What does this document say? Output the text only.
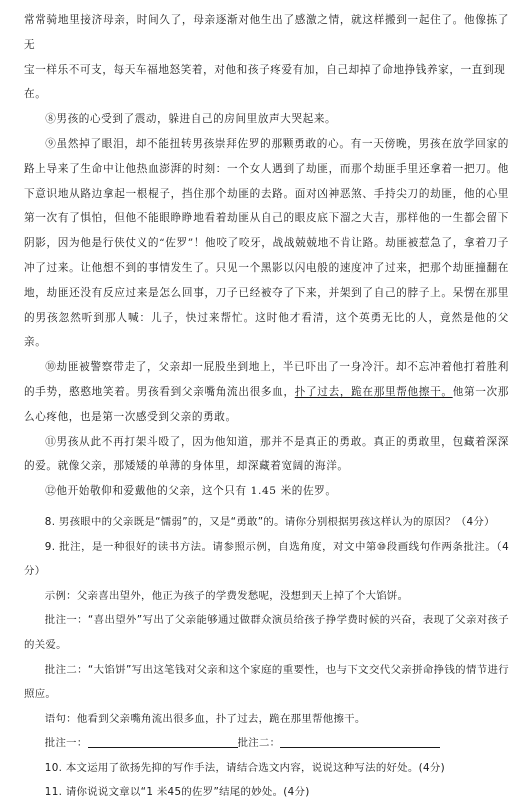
常常骑地里接济母亲，时间久了，母亲逐渐对他生出了感激之情，就这样搬到一起住了。他像拣了无

宝一样乐不可支，每天车福地怒笑着，对他和孩子疼爱有加，自己却掉了命地挣钱养家，一直到现

在。

⑧男孩的心受到了震动，躲进自己的房间里放声大哭起来。

⑨虽然掉了眼泪，却不能扭转男孩崇拜佐罗的那颗勇敢的心。有一天傍晚，男孩在放学回家的路上导来了生命中让他热血澎湃的时刻：一个女人遇到了劫匪，而那个劫匪手里还拿着一把刀。他下意识地从路边拿起一根棍子，挡住那个劫匪的去路。面对凶神恶煞、手持尖刀的劫匪，他的心里第一次有了惧怕，但他不能眼睁睁地看着劫匪从自己的眼皮底下溜之大吉，那样他的一生都会留下阴影，因为他是行侠仗义的“佐罗”！他咬了咬牙，战战兢兢地不肯让路。劫匪被惹急了，拿着刀子冲了过来。让他想不到的事情发生了。只见一个黑影以闪电般的速度冲了过来，把那个劫匪撞翻在地，劫匪还没有反应过来是怎么回事，刀子已经被夺了下来，并架到了自己的脖子上。呆愣在那里的男孩忽然听到那人喊：儿子，快过来帮忙。这时他才看清，这个英勇无比的人，竟然是他的父亲。

⑩劫匪被警察带走了，父亲却一屁股坐到地上，半已吓出了一身冷汗。却不忘冲着他打着胜利的手势，憨憨地笑着。男孩看到父亲嘴角流出很多血，扑了过去，跪在那里帮他擦干。他第一次那么心疼他，也是第一次感受到父亲的勇敢。

⑪男孩从此不再打架斗殴了，因为他知道，那并不是真正的勇敢。真正的勇敢里，包藏着深深的爱。就像父亲，那矮矮的单薄的身体里，却深藏着宽阔的海洋。

⑫他开始敬仰和爱戴他的父亲，这个只有 1.45 米的佐罗。

8. 男孩眼中的父亲既是“懦弱”的，又是“勇敢”的。请你分别根据男孩这样认为的原因？（4分）

9. 批注，是一种很好的读书方法。请参照示例，自选角度，对文中第⑩段画线句作两条批注。（4分）

示例：父亲喜出望外，他正为孩子的学费发愁呢，没想到天上掉了个大馅饼。

批注一：“喜出望外”写出了父亲能够通过做群众演员给孩子挣学费时候的兴奋，表现了父亲对孩子的关爱。

批注二：“大馅饼”写出这笔钱对父亲和这个家庭的重要性，也与下文交代父亲拼命挣钱的情节进行照应。

语句：他看到父亲嘴角流出很多血，扑了过去，跪在那里帮他擦干。

批注一：	批注二：

10. 本文运用了欲扬先抑的写作手法，请结合选文内容，说说这种写法的好处。(4分)

11. 请你说说文章以“1 米45的佐罗”结尾的妙处。(4分)
